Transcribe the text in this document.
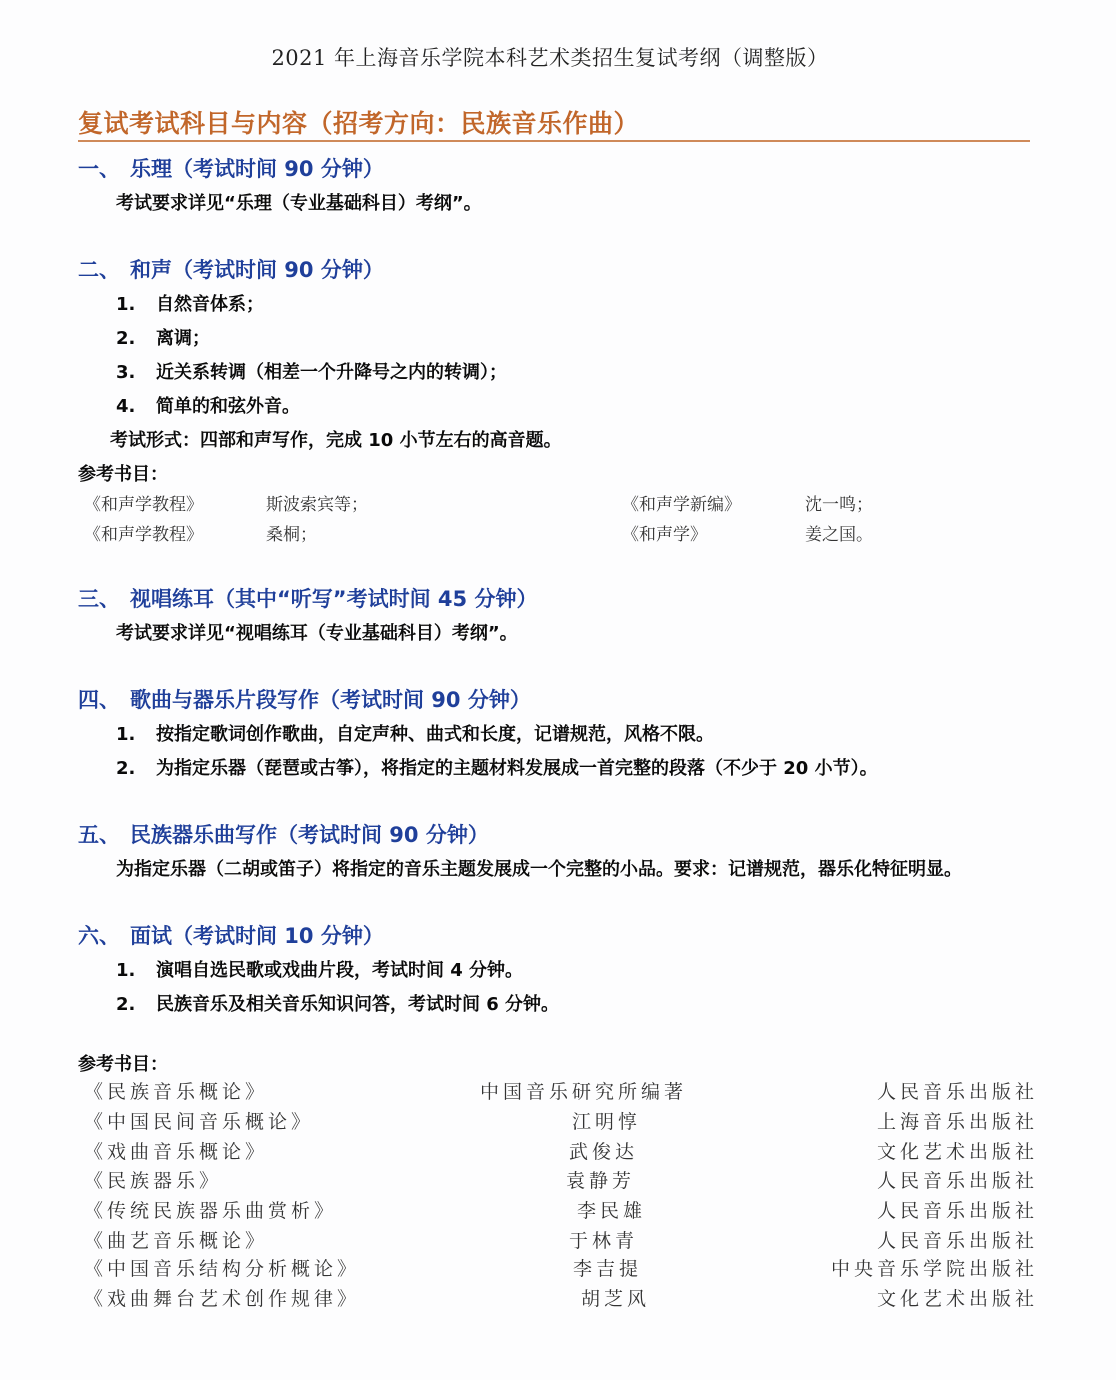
2021 年上海音乐学院本科艺术类招生复试考纲（调整版）
复试考试科目与内容（招考方向：民族音乐作曲）
一、 乐理（考试时间 90 分钟）
考试要求详见“乐理（专业基础科目）考纲”。
二、 和声（考试时间 90 分钟）
1. 自然音体系；
2. 离调；
3. 近关系转调（相差一个升降号之内的转调）；
4. 简单的和弦外音。
考试形式：四部和声写作，完成 10 小节左右的高音题。
参考书目：
《和声学教程》	斯波索宾等；	《和声学新编》	沈一鸣；
《和声学教程》	桑桐；	《和声学》	姜之国。
三、 视唱练耳（其中“听写”考试时间 45 分钟）
考试要求详见“视唱练耳（专业基础科目）考纲”。
四、 歌曲与器乐片段写作（考试时间 90 分钟）
1. 按指定歌词创作歌曲，自定声种、曲式和长度，记谱规范，风格不限。
2. 为指定乐器（琵琶或古筝），将指定的主题材料发展成一首完整的段落（不少于 20 小节）。
五、 民族器乐曲写作（考试时间 90 分钟）
为指定乐器（二胡或笛子）将指定的音乐主题发展成一个完整的小品。要求：记谱规范，器乐化特征明显。
六、 面试（考试时间 10 分钟）
1. 演唱自选民歌或戏曲片段，考试时间 4 分钟。
2. 民族音乐及相关音乐知识问答，考试时间 6 分钟。
参考书目：
《民族音乐概论》	中国音乐研究所编著	人民音乐出版社
《中国民间音乐概论》	江明惇	上海音乐出版社
《戏曲音乐概论》	武俊达	文化艺术出版社
《民族器乐》	袁静芳	人民音乐出版社
《传统民族器乐曲赏析》	李民雄	人民音乐出版社
《曲艺音乐概论》	于林青	人民音乐出版社
《中国音乐结构分析概论》	李吉提	中央音乐学院出版社
《戏曲舞台艺术创作规律》	胡芝风	文化艺术出版社
